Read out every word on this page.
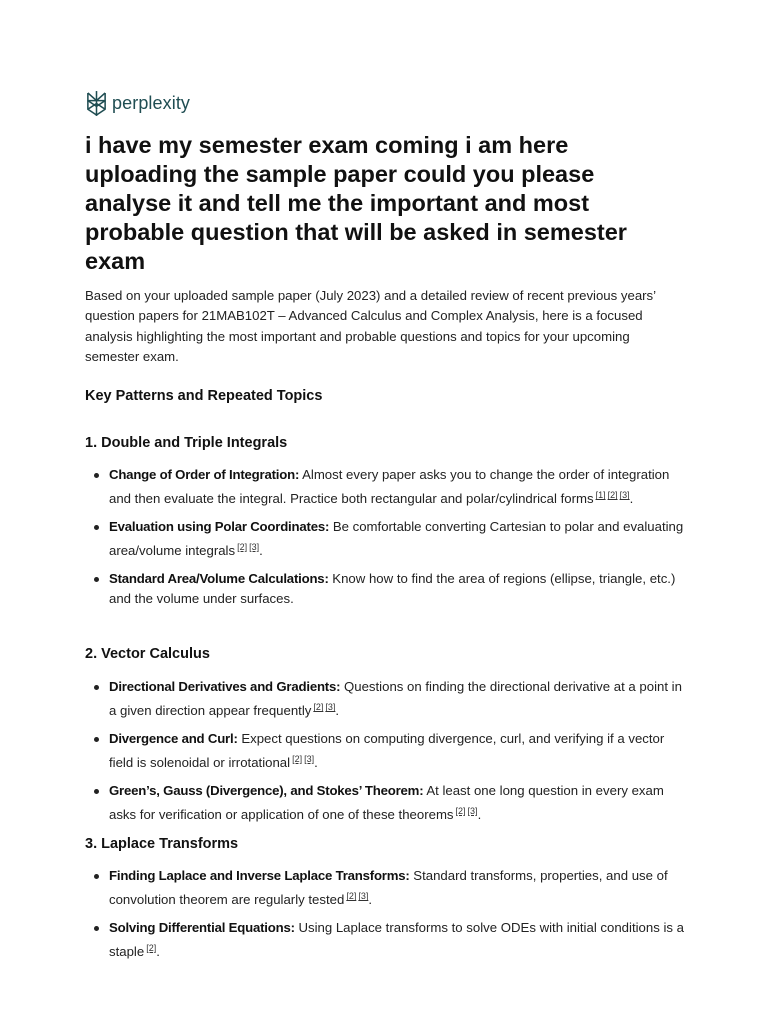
perplexity
i have my semester exam coming i am here uploading the sample paper could you please analyse it and tell me the important and most probable question that will be asked in semester exam

Based on your uploaded sample paper (July 2023) and a detailed review of recent previous years’ question papers for 21MAB102T – Advanced Calculus and Complex Analysis, here is a focused analysis highlighting the most important and probable questions and topics for your upcoming semester exam.

Key Patterns and Repeated Topics
1. Double and Triple Integrals
Change of Order of Integration: Almost every paper asks you to change the order of integration and then evaluate the integral. Practice both rectangular and polar/cylindrical forms [1] [2] [3].
Evaluation using Polar Coordinates: Be comfortable converting Cartesian to polar and evaluating area/volume integrals [2] [3].
Standard Area/Volume Calculations: Know how to find the area of regions (ellipse, triangle, etc.) and the volume under surfaces.
2. Vector Calculus
Directional Derivatives and Gradients: Questions on finding the directional derivative at a point in a given direction appear frequently [2] [3].
Divergence and Curl: Expect questions on computing divergence, curl, and verifying if a vector field is solenoidal or irrotational [2] [3].
Green’s, Gauss (Divergence), and Stokes’ Theorem: At least one long question in every exam asks for verification or application of one of these theorems [2] [3].
3. Laplace Transforms
Finding Laplace and Inverse Laplace Transforms: Standard transforms, properties, and use of convolution theorem are regularly tested [2] [3].
Solving Differential Equations: Using Laplace transforms to solve ODEs with initial conditions is a staple [2].
